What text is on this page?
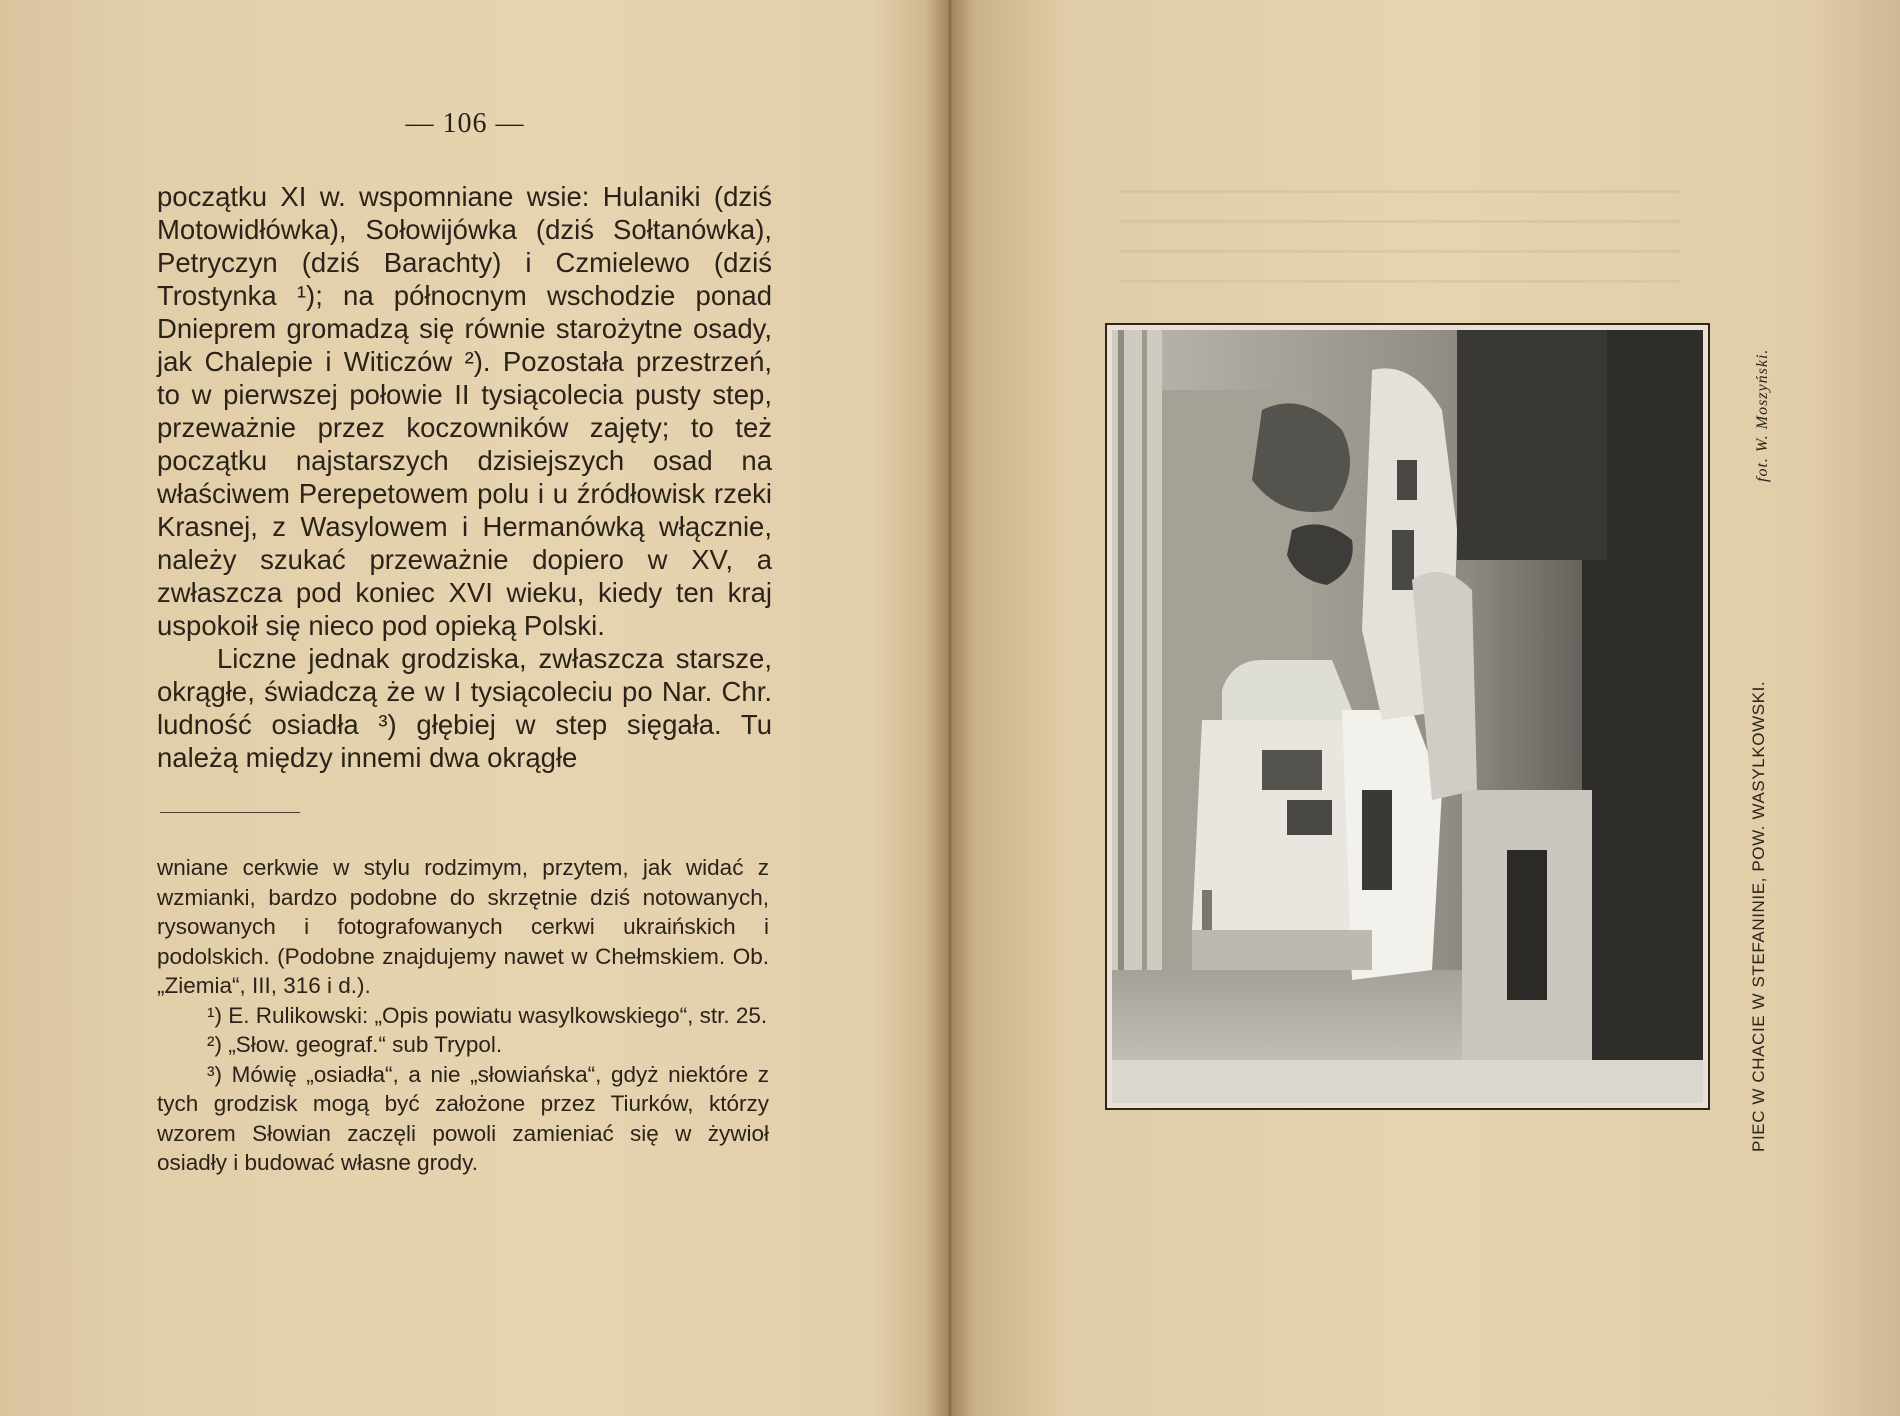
— 106 —

początku XI w. wspomniane wsie: Hulaniki (dziś Motowidłówka), Sołowijówka (dziś Sołtanówka), Petryczyn (dziś Barachty) i Czmielewo (dziś Trostynka ¹); na północnym wschodzie ponad Dnieprem gromadzą się równie starożytne osady, jak Chalepie i Witiczów ²). Pozostała przestrzeń, to w pierwszej połowie II tysiącolecia pusty step, przeważnie przez koczowników zajęty; to też początku najstarszych dzisiejszych osad na właściwem Perepetowem polu i u źródłowisk rzeki Krasnej, z Wasylowem i Hermanówką włącznie, należy szukać przeważnie dopiero w XV, a zwłaszcza pod koniec XVI wieku, kiedy ten kraj uspokoił się nieco pod opieką Polski.

Liczne jednak grodziska, zwłaszcza starsze, okrągłe, świadczą że w I tysiącoleciu po Nar. Chr. ludność osiadła ³) głębiej w step sięgała. Tu należą między innemi dwa okrągłe

wniane cerkwie w stylu rodzimym, przytem, jak widać z wzmianki, bardzo podobne do skrzętnie dziś notowanych, rysowanych i fotografowanych cerkwi ukraińskich i podolskich. (Podobne znajdujemy nawet w Chełmskiem. Ob. „Ziemia“, III, 316 i d.).

¹) E. Rulikowski: „Opis powiatu wasylkowskiego“, str. 25.

²) „Słow. geograf.“ sub Trypol.

³) Mówię „osiadła“, a nie „słowiańska“, gdyż niektóre z tych grodzisk mogą być założone przez Tiurków, którzy wzorem Słowian zaczęli powoli zamieniać się w żywioł osiadły i budować własne grody.

PIEC W CHACIE W STEFANINIE, POW. WASYLKOWSKI.
fot. W. Moszyński.
